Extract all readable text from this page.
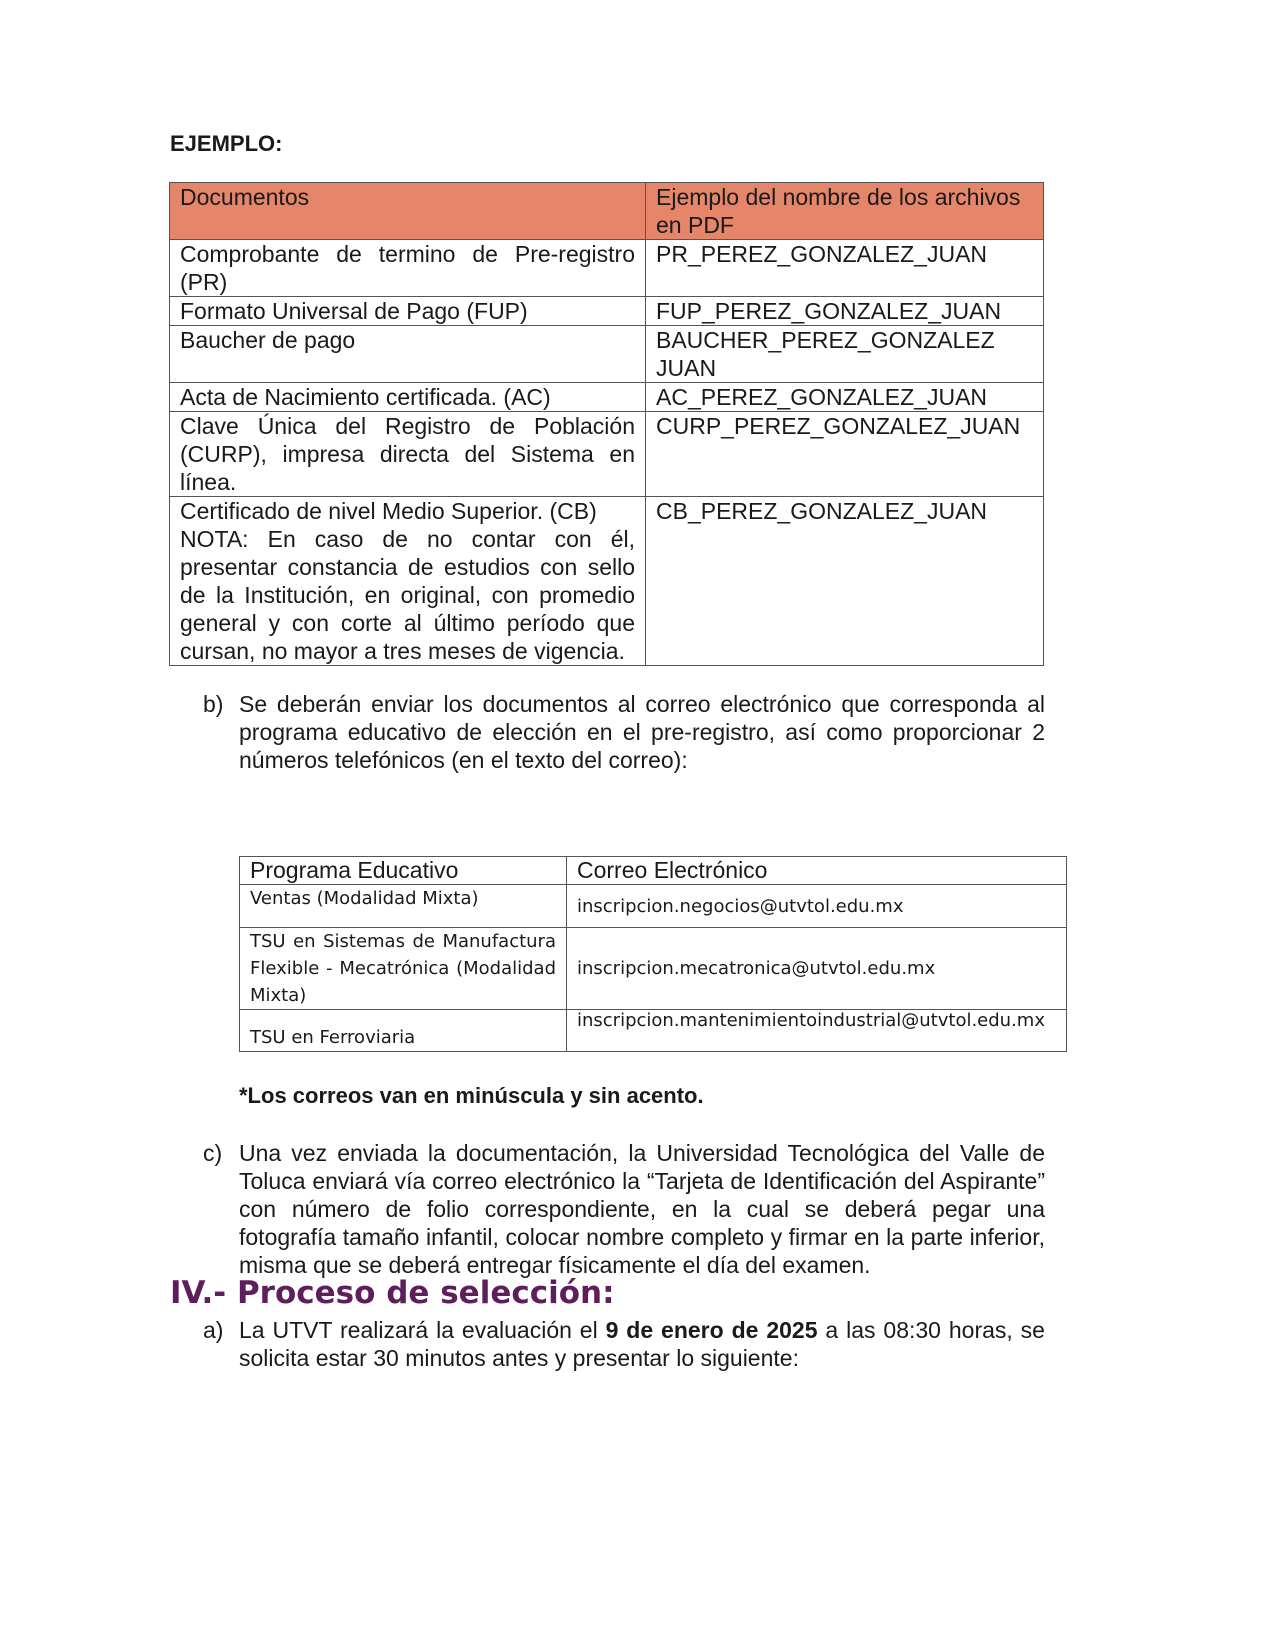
EJEMPLO:
Documentos	Ejemplo del nombre de los archivos en PDF
Comprobante de termino de Pre-registro (PR)	PR_PEREZ_GONZALEZ_JUAN
Formato Universal de Pago (FUP)	FUP_PEREZ_GONZALEZ_JUAN
Baucher de pago	BAUCHER_PEREZ_GONZALEZ JUAN
Acta de Nacimiento certificada. (AC)	AC_PEREZ_GONZALEZ_JUAN
Clave Única del Registro de Población (CURP), impresa directa del Sistema en línea.	CURP_PEREZ_GONZALEZ_JUAN

Certificado de nivel Medio Superior. (CB)
NOTA: En caso de no contar con él, presentar constancia de estudios con sello de la Institución, en original, con promedio general y con corte al último período que cursan, no mayor a tres meses de vigencia.	CB_PEREZ_GONZALEZ_JUAN
b) Se deberán enviar los documentos al correo electrónico que corresponda al programa educativo de elección en el pre-registro, así como proporcionar 2 números telefónicos (en el texto del correo):
Programa Educativo	Correo Electrónico
Ventas (Modalidad Mixta)	inscripcion.negocios@utvtol.edu.mx
TSU en Sistemas de Manufactura Flexible - Mecatrónica (Modalidad Mixta)	inscripcion.mecatronica@utvtol.edu.mx
TSU en Ferroviaria	inscripcion.mantenimientoindustrial@utvtol.edu.mx
*Los correos van en minúscula y sin acento.
c) Una vez enviada la documentación, la Universidad Tecnológica del Valle de Toluca enviará vía correo electrónico la “Tarjeta de Identificación del Aspirante” con número de folio correspondiente, en la cual se deberá pegar una fotografía tamaño infantil, colocar nombre completo y firmar en la parte inferior, misma que se deberá entregar físicamente el día del examen.
IV.- Proceso de selección:
a) La UTVT realizará la evaluación el 9 de enero de 2025 a las 08:30 horas, se solicita estar 30 minutos antes y presentar lo siguiente:
